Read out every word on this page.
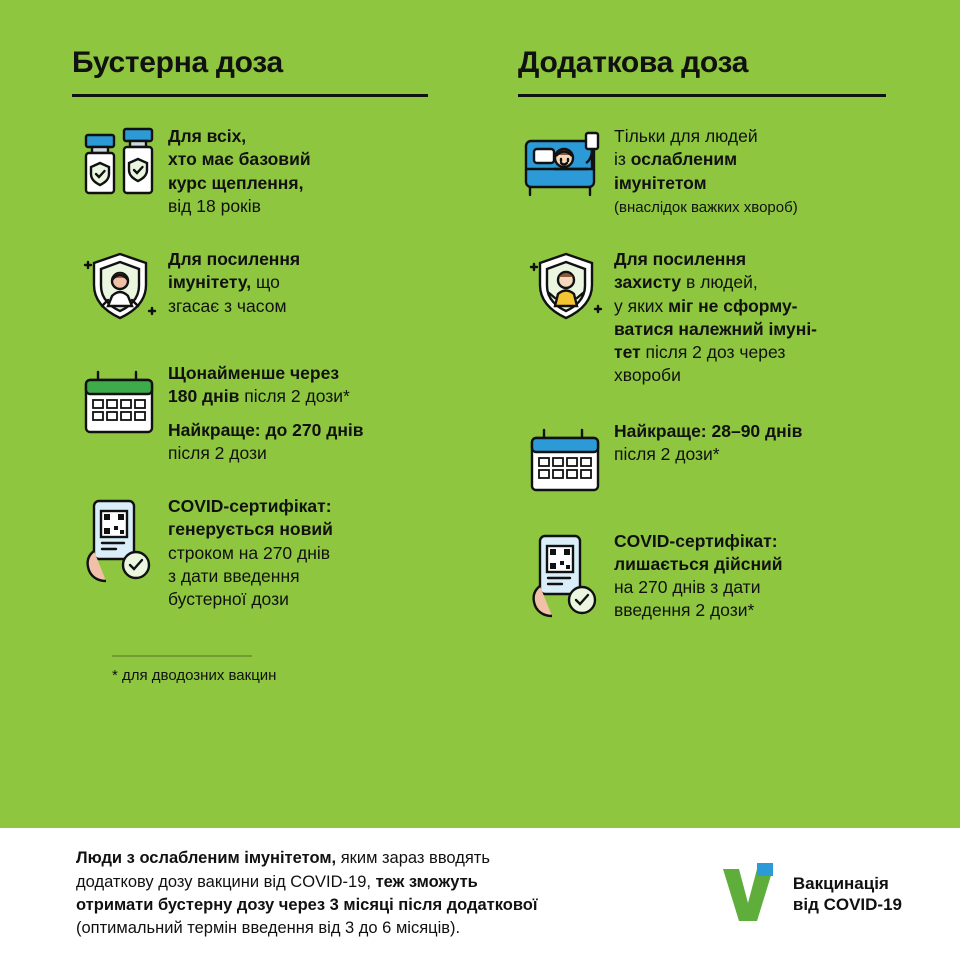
Бустерна доза
Для всіх,
хто має базовий
курс щеплення,
від 18 років
Для посилення
імунітету, що
згасає з часом
Щонайменше через
180 днів після 2 дози*
Найкраще: до 270 днів
після 2 дози
COVID-сертифікат:
генерується новий
строком на 270 днів
з дати введення
бустерної дози
Додаткова доза
Тільки для людей
із ослабленим
імунітетом
(внаслідок важких хвороб)
Для посилення
захисту в людей,
у яких міг не сформу-
ватися належний імуні-
тет після 2 доз через
хвороби
Найкраще: 28–90 днів
після 2 дози*
COVID-сертифікат:
лишається дійсний
на 270 днів з дати
введення 2 дози*
* для дводозних вакцин
Люди з ослабленим імунітетом, яким зараз вводять
додаткову дозу вакцини від COVID-19, теж зможуть
отримати бустерну дозу через 3 місяці після додаткової
(оптимальний термін введення від 3 до 6 місяців).
Вакцинація
від COVID-19
